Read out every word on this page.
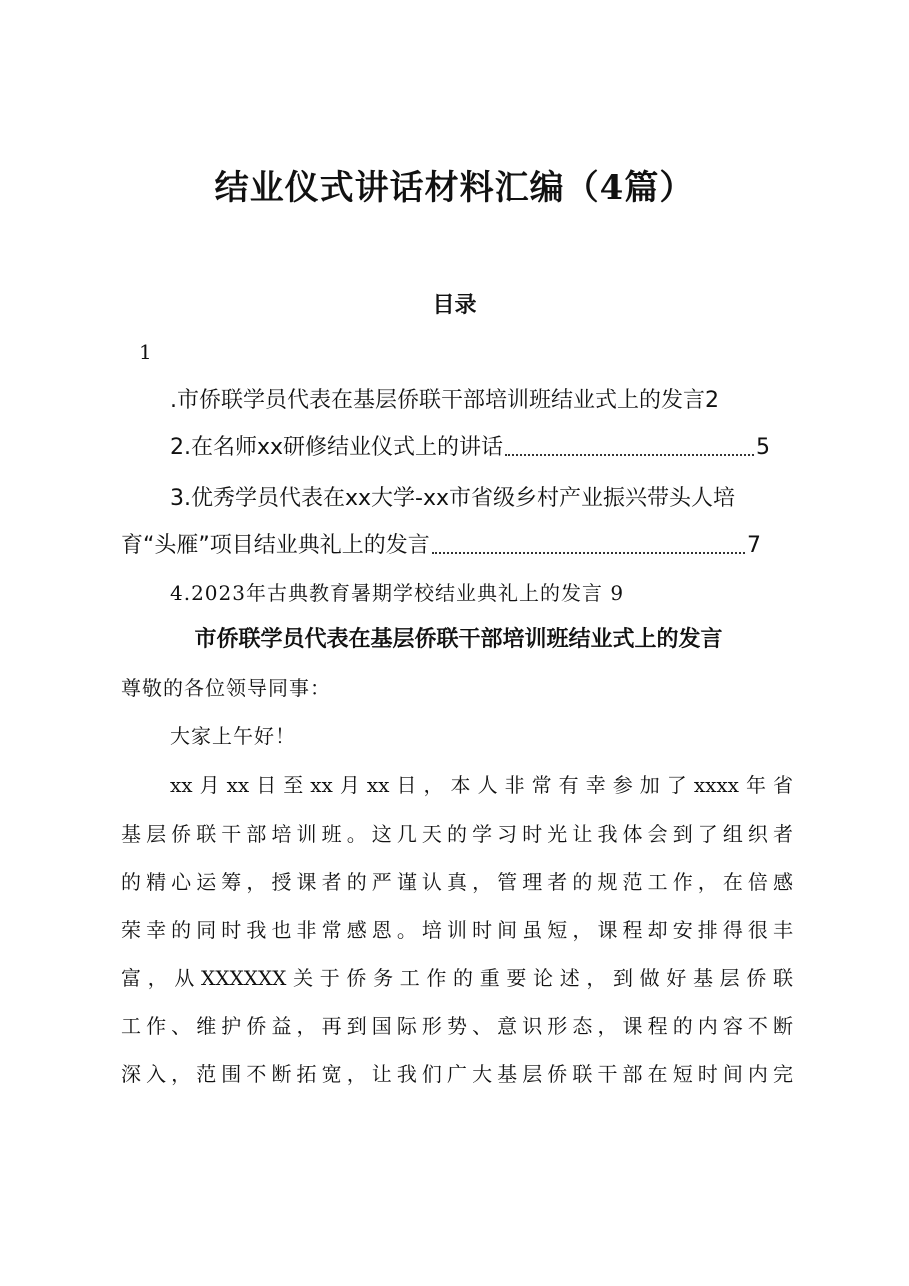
结业仪式讲话材料汇编（4篇）
目录
1
.市侨联学员代表在基层侨联干部培训班结业式上的发言 2
2.在名师xx研修结业仪式上的讲话	5
3.优秀学员代表在xx大学-xx市省级乡村产业振兴带头人培
育“头雁”项目结业典礼上的发言	7
4.2023年古典教育暑期学校结业典礼上的发言 9
市侨联学员代表在基层侨联干部培训班结业式上的发言
尊敬的各位领导同事：
大家上午好！
xx月xx日至xx月xx日，本人非常有幸参加了xxxx年省
基层侨联干部培训班。这几天的学习时光让我体会到了组织者
的精心运筹，授课者的严谨认真，管理者的规范工作，在倍感
荣幸的同时我也非常感恩。培训时间虽短，课程却安排得很丰
富，从XXXXXX关于侨务工作的重要论述，到做好基层侨联
工作、维护侨益，再到国际形势、意识形态，课程的内容不断
深入，范围不断拓宽，让我们广大基层侨联干部在短时间内完
